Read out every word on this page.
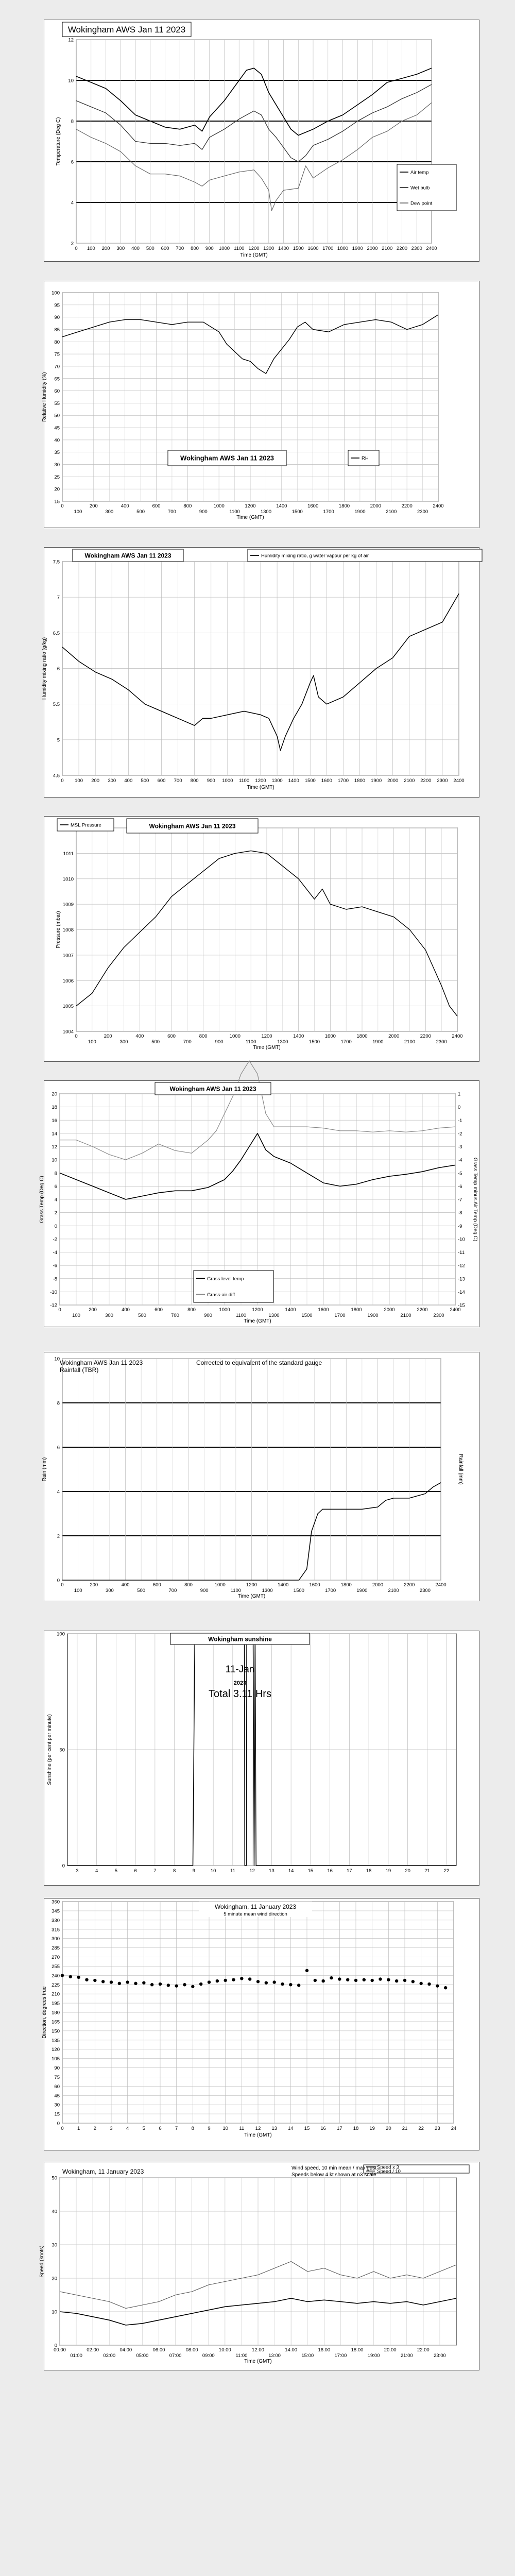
2
4
6
8
10
12
0 100 200 300 400 500 600 700 800 900 1000 1100 1200 1300 1400 1500 1600 1700 1800 1900 2000 2100 2200 2300 2400
Time (GMT)
Temperature (Deg C)
Wokingham AWS Jan 11 2023
Air temp
Wet bulb
Dew point
15
20
25
30
35
40
45
50
55
60
65
70
75
80
85
90
95
100
0	200	400	600	800	1000	1200	1400	1600	1800	2000	2200	2400
100	300	500	700	900	1100	1300	1500	1700	1900	2100	2300
Time (GMT)
Relative Humidity (%)
Wokingham AWS Jan 11 2023	RH
4.5
5
5.5
6
6.5
7
7.5
0 100 200 300 400 500 600 700 800 900 1000 1100 1200 1300 1400 1500 1600 1700 1800 1900 2000 2100 2200 2300 2400
Time (GMT)
Humidity mixing ratio (g/kg)
Wokingham AWS Jan 11 2023	Humidity mixing ratio, g water vapour per kg of air
1004
1005
1006
1007
1008
1009
1010
1011
0	200	400	600	800	1000	1200	1400	1600	1800	2000	2200	2400
100	300	500	700	900	1100	1300	1500	1700	1900	2100	2300
Time (GMT)
Pressure (mbar)
Wokingham AWS Jan 11 2023
MSL Pressure
-12
-10
-8
-6
-4
-2
0
2
4
6
8
10
12
14
16
18
20
-15
-14
-13
-12
-11
-10
-9
-8
-7
-6
-5
-4
-3
-2
-1
0
1
0	200	400	600	800	1000	1200	1400	1600	1800	2000	2200	2400
100	300	500	700	900	1100	1300	1500	1700	1900	2100	2300
Time (GMT)
Grass Temp (Deg C)	Grass Temp minus Air Temp (Deg C)
Wokingham AWS Jan 11 2023
Grass level temp
Grass-air diff
0
2
4
6
8
10
0	200	400	600	800	1000	1200	1400	1600	1800	2000	2200	2400
100	300	500	700	900	1100	1300	1500	1700	1900	2100	2300
Time (GMT)
Rain (mm)	Rainfall (mm)
Wokingham AWS Jan 11 2023
Rainfall (TBR)
Corrected to equivalent of the standard gauge
0
50
100
3	4	5	6	7	8	9	10	11	12	13	14	15	16	17	18	19	20	21	22
Sunshine (per cent per minute)
Wokingham sunshine
11-Jan
2023
Total 3.11 Hrs
0
15
30
45
60
75
90
105
120
135
150
165
180
195
210
225
240
255
270
285
300
315
330
345
360
0	1	2	3	4	5	6	7	8	9 10 11 12 13 14 15 16 17 18 19 20 21 22 23 24
Time (GMT)
Direction, degrees true
Wokingham, 11 January 2023
5 minute mean wind direction
0
10
20
30
40
50
00:00	02:00	04:00	06:00	08:00	10:00	12:00	14:00	16:00	18:00	20:00	22:00
01:00	03:00	05:00	07:00	09:00	11:00	13:00	15:00	17:00	19:00	21:00	23:00
Time (GMT)
Speed (knots)
Speed x 3
Speed / 10
Wokingham, 11 January 2023	Wind speed, 10 min mean / max gust
Speeds below 4 kt shown at n3 scale
